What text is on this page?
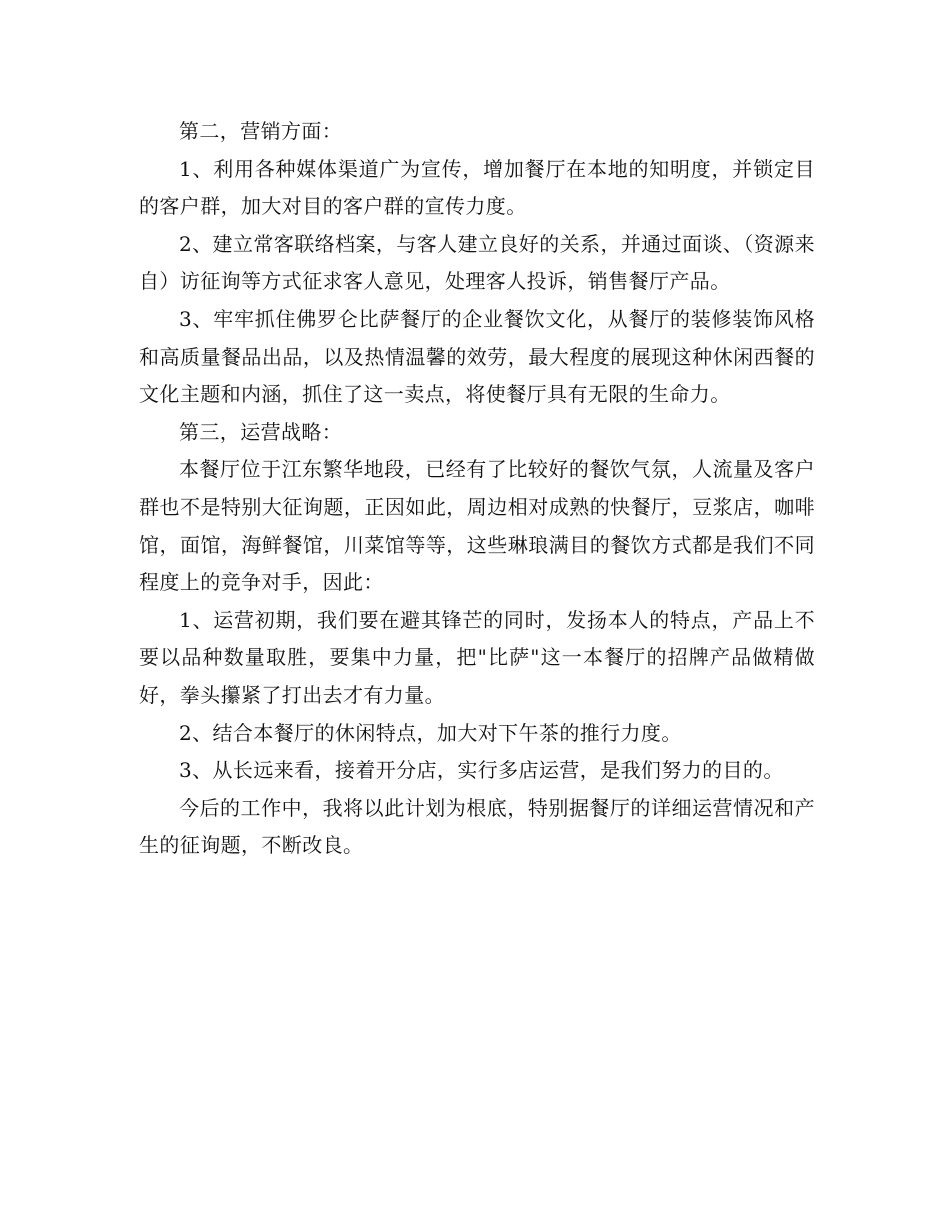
第二，营销方面：

1、利用各种媒体渠道广为宣传，增加餐厅在本地的知明度，并锁定目的客户群，加大对目的客户群的宣传力度。

2、建立常客联络档案，与客人建立良好的关系，并通过面谈、（资源来自）访征询等方式征求客人意见，处理客人投诉，销售餐厅产品。

3、牢牢抓住佛罗仑比萨餐厅的企业餐饮文化，从餐厅的装修装饰风格和高质量餐品出品，以及热情温馨的效劳，最大程度的展现这种休闲西餐的文化主题和内涵，抓住了这一卖点，将使餐厅具有无限的生命力。

第三，运营战略：

本餐厅位于江东繁华地段，已经有了比较好的餐饮气氛，人流量及客户群也不是特别大征询题，正因如此，周边相对成熟的快餐厅，豆浆店，咖啡馆，面馆，海鲜餐馆，川菜馆等等，这些琳琅满目的餐饮方式都是我们不同程度上的竞争对手，因此：

1、运营初期，我们要在避其锋芒的同时，发扬本人的特点，产品上不要以品种数量取胜，要集中力量，把"比萨"这一本餐厅的招牌产品做精做好，拳头攥紧了打出去才有力量。

2、结合本餐厅的休闲特点，加大对下午茶的推行力度。

3、从长远来看，接着开分店，实行多店运营，是我们努力的目的。

今后的工作中，我将以此计划为根底，特别据餐厅的详细运营情况和产生的征询题，不断改良。
